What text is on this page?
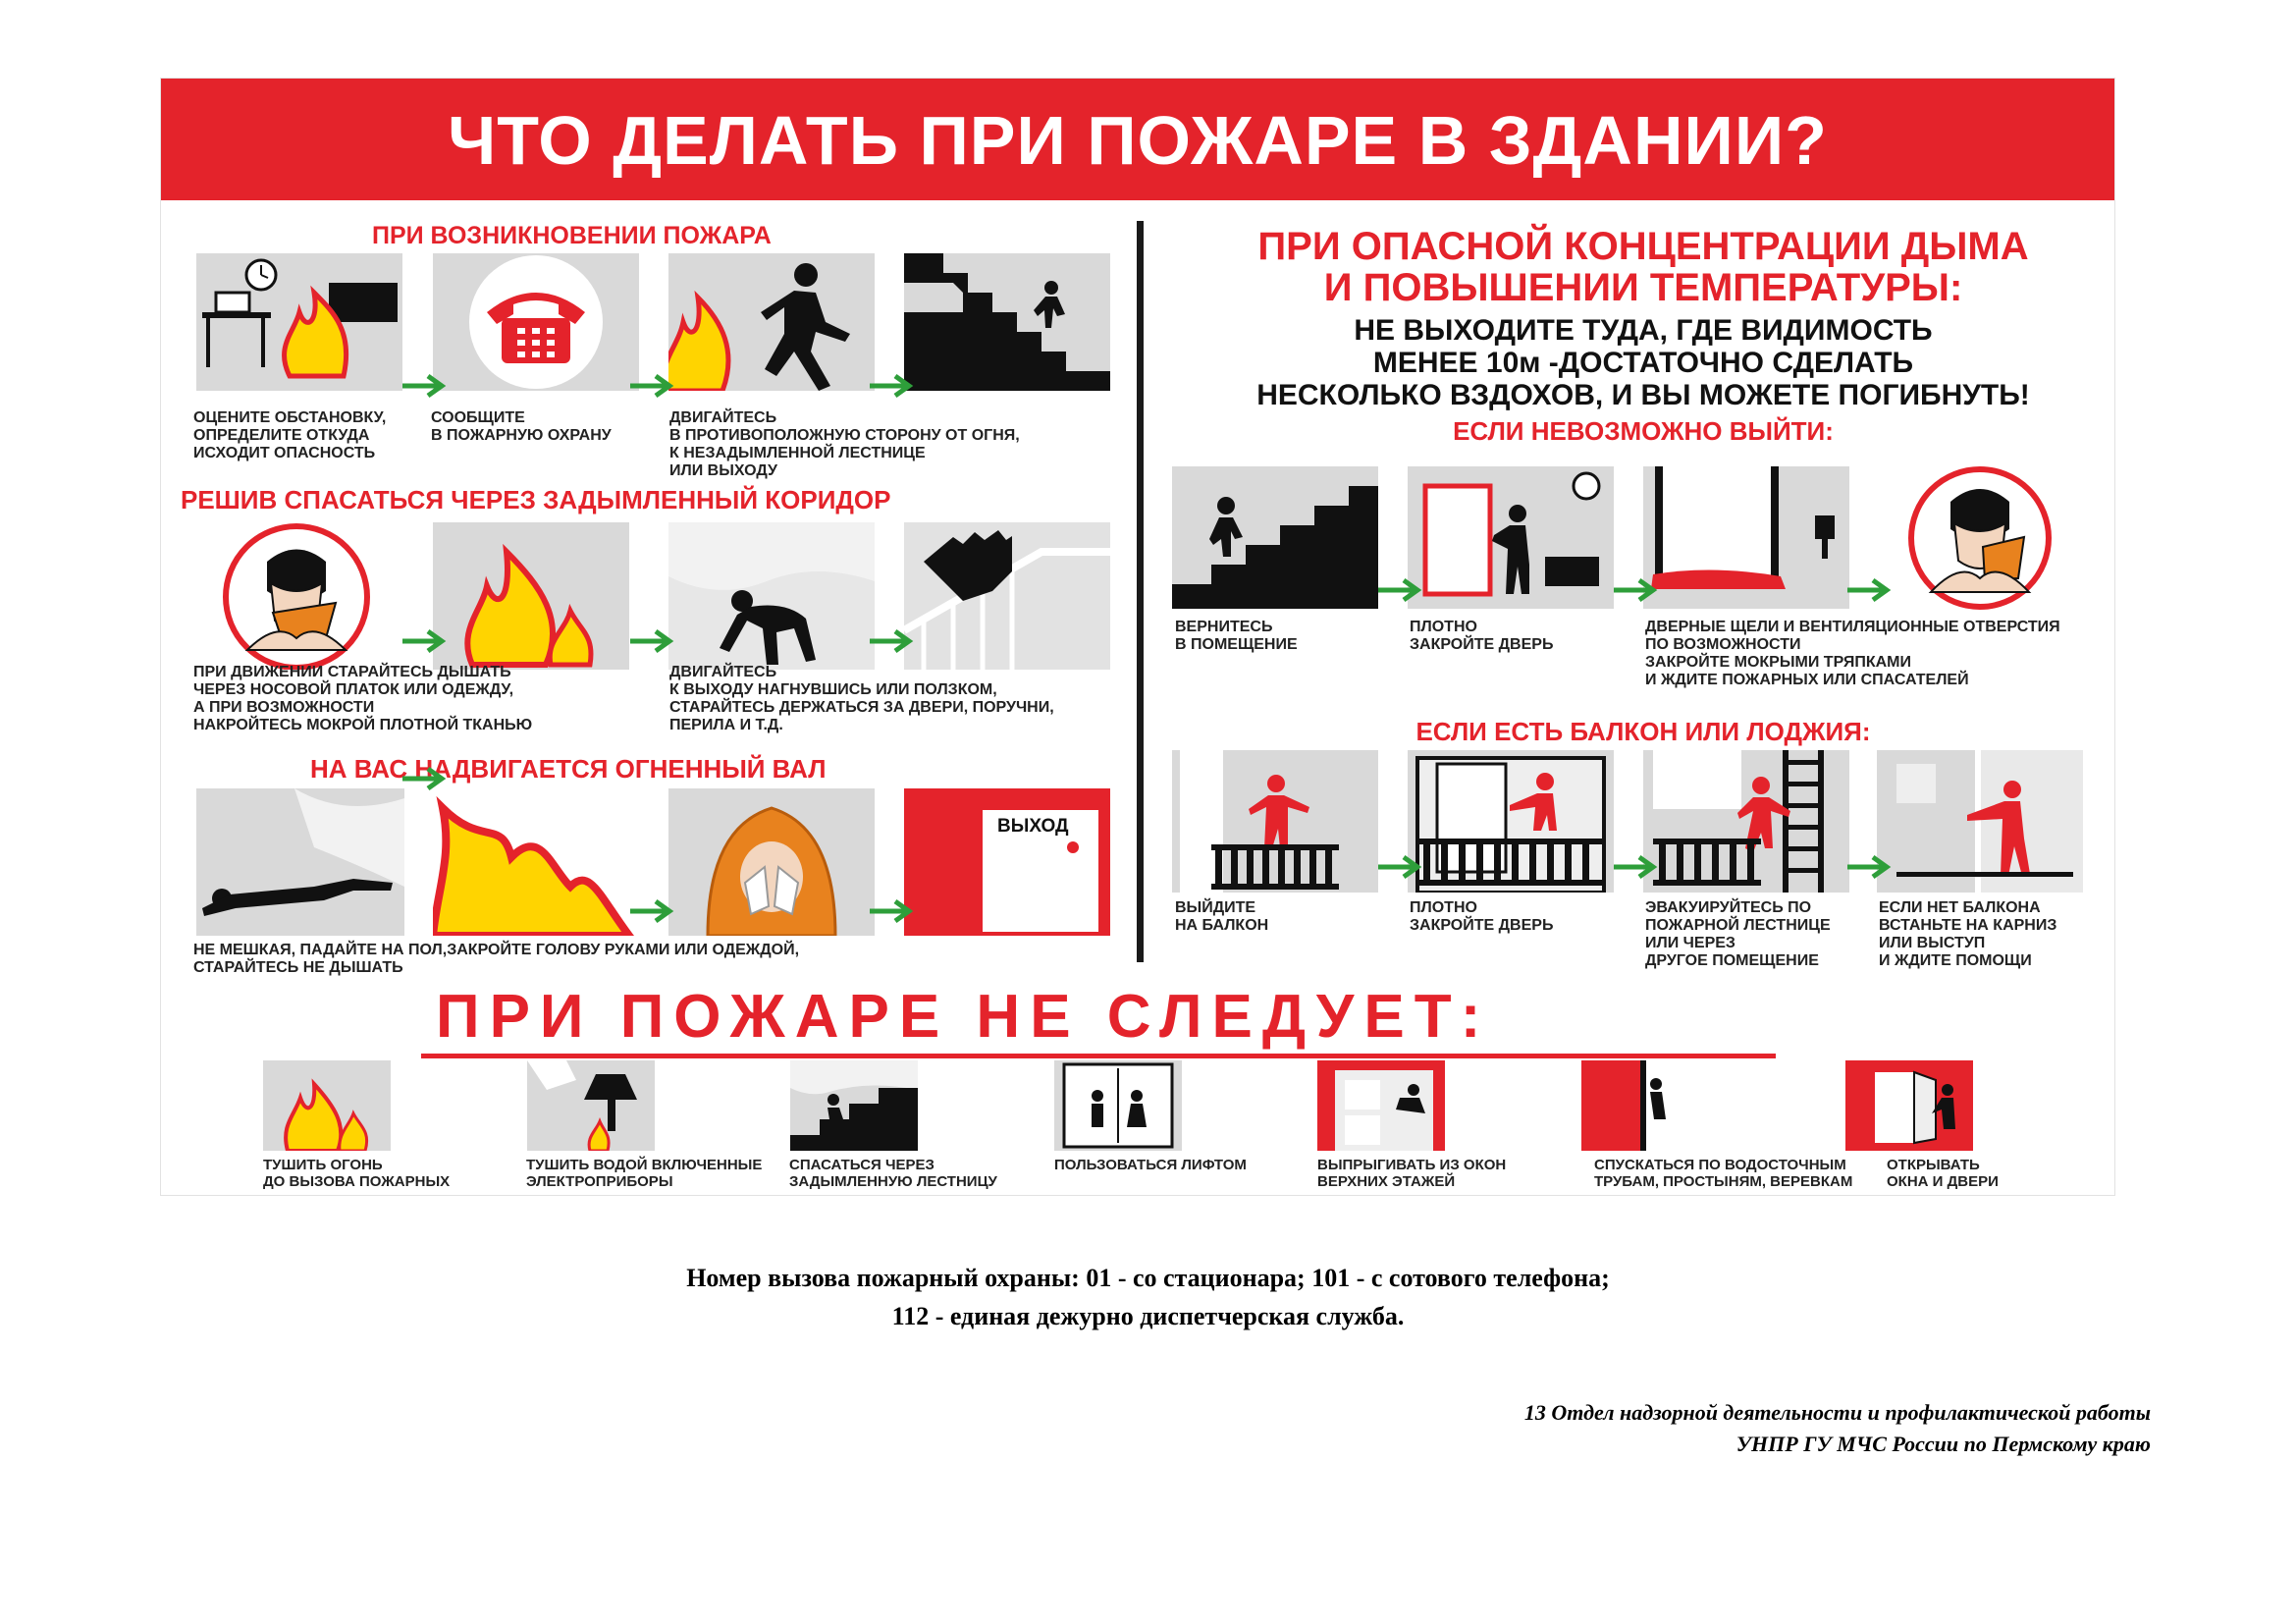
ЧТО ДЕЛАТЬ ПРИ ПОЖАРЕ В ЗДАНИИ?
ПРИ ВОЗНИКНОВЕНИИ ПОЖАРА
ОЦЕНИТЕ ОБСТАНОВКУ,
ОПРЕДЕЛИТЕ ОТКУДА
ИСХОДИТ ОПАСНОСТЬ
СООБЩИТЕ
В ПОЖАРНУЮ ОХРАНУ
ДВИГАЙТЕСЬ
В ПРОТИВОПОЛОЖНУЮ СТОРОНУ ОТ ОГНЯ,
К НЕЗАДЫМЛЕННОЙ ЛЕСТНИЦЕ
ИЛИ ВЫХОДУ
РЕШИВ СПАСАТЬСЯ ЧЕРЕЗ ЗАДЫМЛЕННЫЙ КОРИДОР
ПРИ ДВИЖЕНИИ СТАРАЙТЕСЬ ДЫШАТЬ
ЧЕРЕЗ НОСОВОЙ ПЛАТОК ИЛИ ОДЕЖДУ,
А ПРИ ВОЗМОЖНОСТИ
НАКРОЙТЕСЬ МОКРОЙ ПЛОТНОЙ ТКАНЬЮ
ДВИГАЙТЕСЬ
К ВЫХОДУ НАГНУВШИСЬ ИЛИ ПОЛЗКОМ,
СТАРАЙТЕСЬ ДЕРЖАТЬСЯ ЗА ДВЕРИ, ПОРУЧНИ,
ПЕРИЛА И Т.Д.
НА ВАС НАДВИГАЕТСЯ ОГНЕННЫЙ ВАЛ
ВЫХОД
НЕ МЕШКАЯ, ПАДАЙТЕ НА ПОЛ,ЗАКРОЙТЕ ГОЛОВУ РУКАМИ ИЛИ ОДЕЖДОЙ,
СТАРАЙТЕСЬ НЕ ДЫШАТЬ
ПРИ ОПАСНОЙ КОНЦЕНТРАЦИИ ДЫМА
И ПОВЫШЕНИИ ТЕМПЕРАТУРЫ:
НЕ ВЫХОДИТЕ ТУДА, ГДЕ ВИДИМОСТЬ
МЕНЕЕ 10м -ДОСТАТОЧНО СДЕЛАТЬ
НЕСКОЛЬКО ВЗДОХОВ, И ВЫ МОЖЕТЕ ПОГИБНУТЬ!
ЕСЛИ НЕВОЗМОЖНО ВЫЙТИ:
ВЕРНИТЕСЬ
В ПОМЕЩЕНИЕ
ПЛОТНО
ЗАКРОЙТЕ ДВЕРЬ
ДВЕРНЫЕ ЩЕЛИ И ВЕНТИЛЯЦИОННЫЕ ОТВЕРСТИЯ
ПО ВОЗМОЖНОСТИ
ЗАКРОЙТЕ МОКРЫМИ ТРЯПКАМИ
И ЖДИТЕ ПОЖАРНЫХ ИЛИ СПАСАТЕЛЕЙ
ЕСЛИ ЕСТЬ БАЛКОН ИЛИ ЛОДЖИЯ:
ВЫЙДИТЕ
НА БАЛКОН
ПЛОТНО
ЗАКРОЙТЕ ДВЕРЬ
ЭВАКУИРУЙТЕСЬ ПО
ПОЖАРНОЙ ЛЕСТНИЦЕ
ИЛИ ЧЕРЕЗ
ДРУГОЕ ПОМЕЩЕНИЕ
ЕСЛИ НЕТ БАЛКОНА
ВСТАНЬТЕ НА КАРНИЗ
ИЛИ ВЫСТУП
И ЖДИТЕ ПОМОЩИ
ПРИ ПОЖАРЕ НЕ СЛЕДУЕТ:
ТУШИТЬ ОГОНЬ
ДО ВЫЗОВА ПОЖАРНЫХ
ТУШИТЬ ВОДОЙ ВКЛЮЧЕННЫЕ
ЭЛЕКТРОПРИБОРЫ
СПАСАТЬСЯ ЧЕРЕЗ
ЗАДЫМЛЕННУЮ ЛЕСТНИЦУ
ПОЛЬЗОВАТЬСЯ ЛИФТОМ	ВЫПРЫГИВАТЬ ИЗ ОКОН
ВЕРХНИХ ЭТАЖЕЙ
СПУСКАТЬСЯ ПО ВОДОСТОЧНЫМ
ТРУБАМ, ПРОСТЫНЯМ, ВЕРЕВКАМ
ОТКРЫВАТЬ
ОКНА И ДВЕРИ
Номер вызова пожарный охраны: 01 - со стационара; 101 - с сотового телефона;
112 - единая дежурно диспетчерская служба.
13 Отдел надзорной деятельности и профилактической работы
УНПР ГУ МЧС России по Пермскому краю
